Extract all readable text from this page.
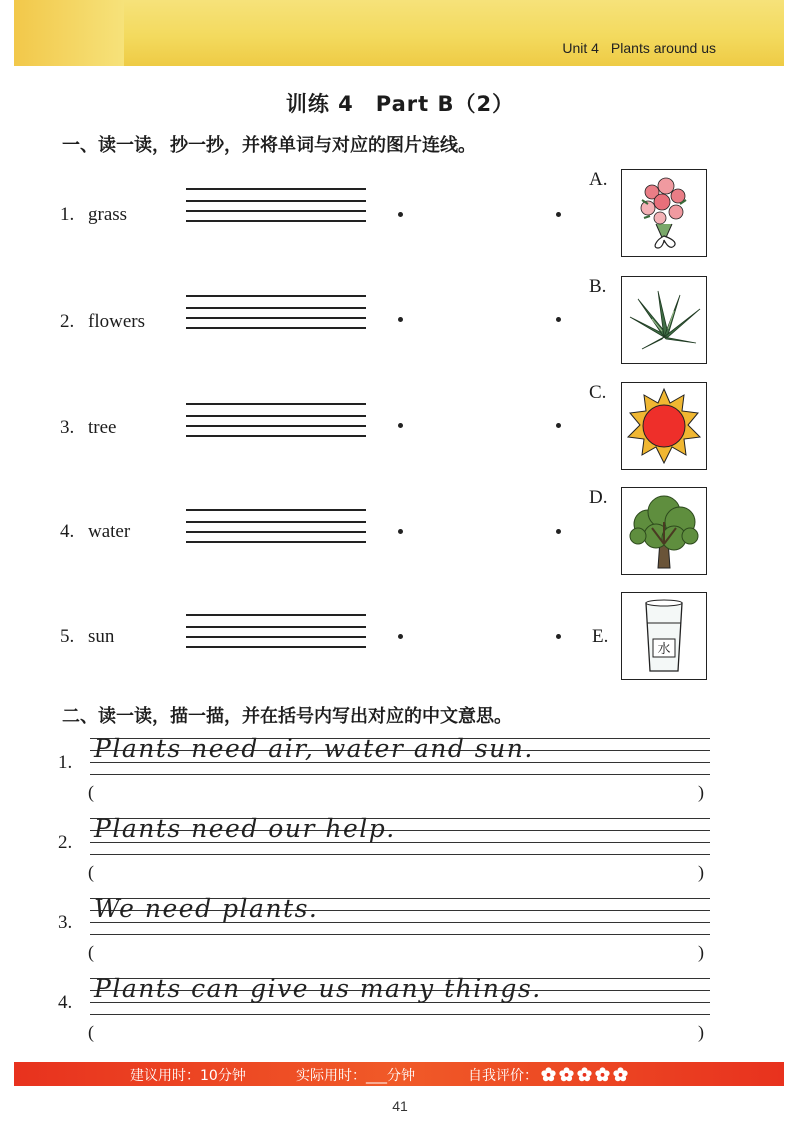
Unit 4 Plants around us
训练 4　Part B（2）
一、读一读，抄一抄，并将单词与对应的图片连线。
1. grass
2. flowers
3. tree
4. water
5. sun
A.
B.
C.
D.
水
E.
二、读一读，描一描，并在括号内写出对应的中文意思。
1. Plants need air, water and sun.
(	)
2. Plants need our help.
(	)
3. We need plants.
(	)
4. Plants can give us many things.
(	)
建议用时：10分钟	实际用时：___分钟	自我评价：
41
